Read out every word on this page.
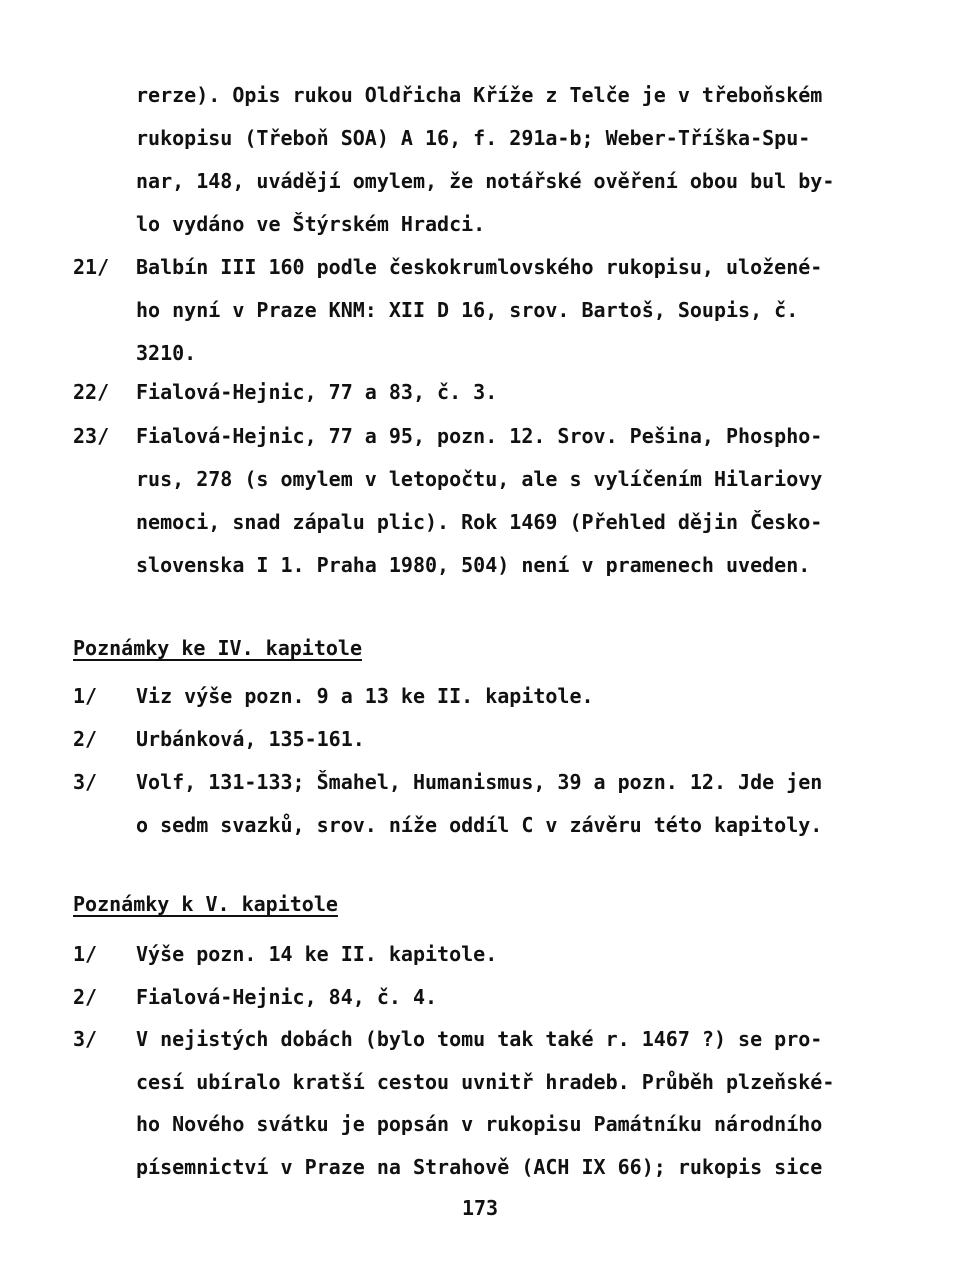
rerze). Opis rukou Oldřicha Kříže z Telče je v třeboňském
rukopisu (Třeboň SOA) A 16, f. 291a-b; Weber-Tříška-Spu-
nar, 148, uvádějí omylem, že notářské ověření obou bul by-
lo vydáno ve Štýrském Hradci.
21/ Balbín III 160 podle českokrumlovského rukopisu, uložené-
ho nyní v Praze KNM: XII D 16, srov. Bartoš, Soupis, č.
3210.
22/ Fialová-Hejnic, 77 a 83, č. 3.
23/ Fialová-Hejnic, 77 a 95, pozn. 12. Srov. Pešina, Phospho-
rus, 278 (s omylem v letopočtu, ale s vylíčením Hilariovy
nemoci, snad zápalu plic). Rok 1469 (Přehled dějin Česko-
slovenska I 1. Praha 1980, 504) není v pramenech uveden.
Poznámky ke IV. kapitole
1/ Viz výše pozn. 9 a 13 ke II. kapitole.
2/ Urbánková, 135-161.
3/ Volf, 131-133; Šmahel, Humanismus, 39 a pozn. 12. Jde jen
o sedm svazků, srov. níže oddíl C v závěru této kapitoly.
Poznámky k V. kapitole
1/ Výše pozn. 14 ke II. kapitole.
2/ Fialová-Hejnic, 84, č. 4.
3/ V nejistých dobách (bylo tomu tak také r. 1467 ?) se pro-
cesí ubíralo kratší cestou uvnitř hradeb. Průběh plzeňské-
ho Nového svátku je popsán v rukopisu Památníku národního
písemnictví v Praze na Strahově (ACH IX 66); rukopis sice
173
